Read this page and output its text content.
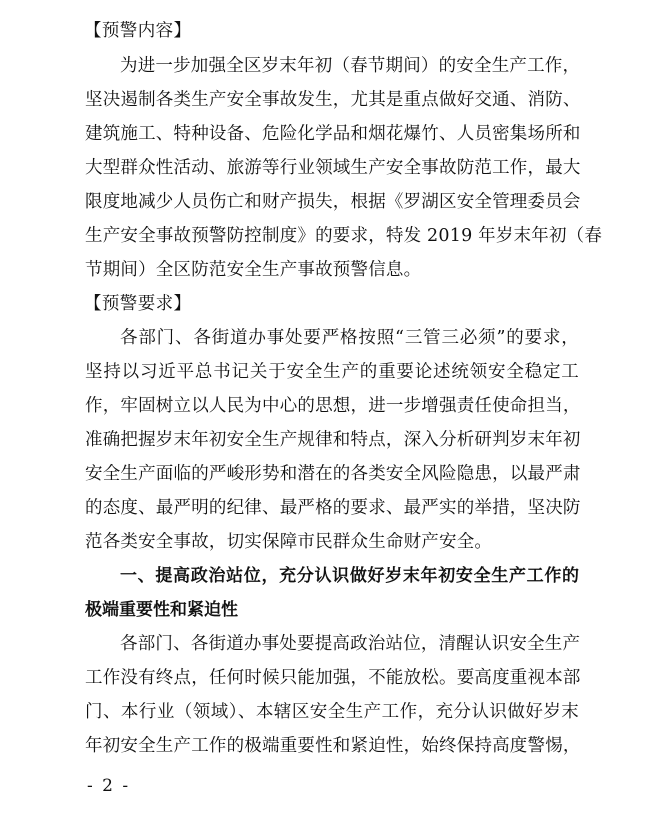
【预警内容】
为进一步加强全区岁末年初（春节期间）的安全生产工作，
坚决遏制各类生产安全事故发生，尤其是重点做好交通、消防、
建筑施工、特种设备、危险化学品和烟花爆竹、人员密集场所和
大型群众性活动、旅游等行业领域生产安全事故防范工作，最大
限度地减少人员伤亡和财产损失，根据《罗湖区安全管理委员会
生产安全事故预警防控制度》的要求，特发 2019 年岁末年初（春
节期间）全区防范安全生产事故预警信息。
【预警要求】
各部门、各街道办事处要严格按照“三管三必须”的要求，
坚持以习近平总书记关于安全生产的重要论述统领安全稳定工
作，牢固树立以人民为中心的思想，进一步增强责任使命担当，
准确把握岁末年初安全生产规律和特点，深入分析研判岁末年初
安全生产面临的严峻形势和潜在的各类安全风险隐患，以最严肃
的态度、最严明的纪律、最严格的要求、最严实的举措，坚决防
范各类安全事故，切实保障市民群众生命财产安全。
一、提高政治站位，充分认识做好岁末年初安全生产工作的
极端重要性和紧迫性
各部门、各街道办事处要提高政治站位，清醒认识安全生产
工作没有终点，任何时候只能加强，不能放松。要高度重视本部
门、本行业（领域）、本辖区安全生产工作，充分认识做好岁末
年初安全生产工作的极端重要性和紧迫性，始终保持高度警惕，
- 2 -
